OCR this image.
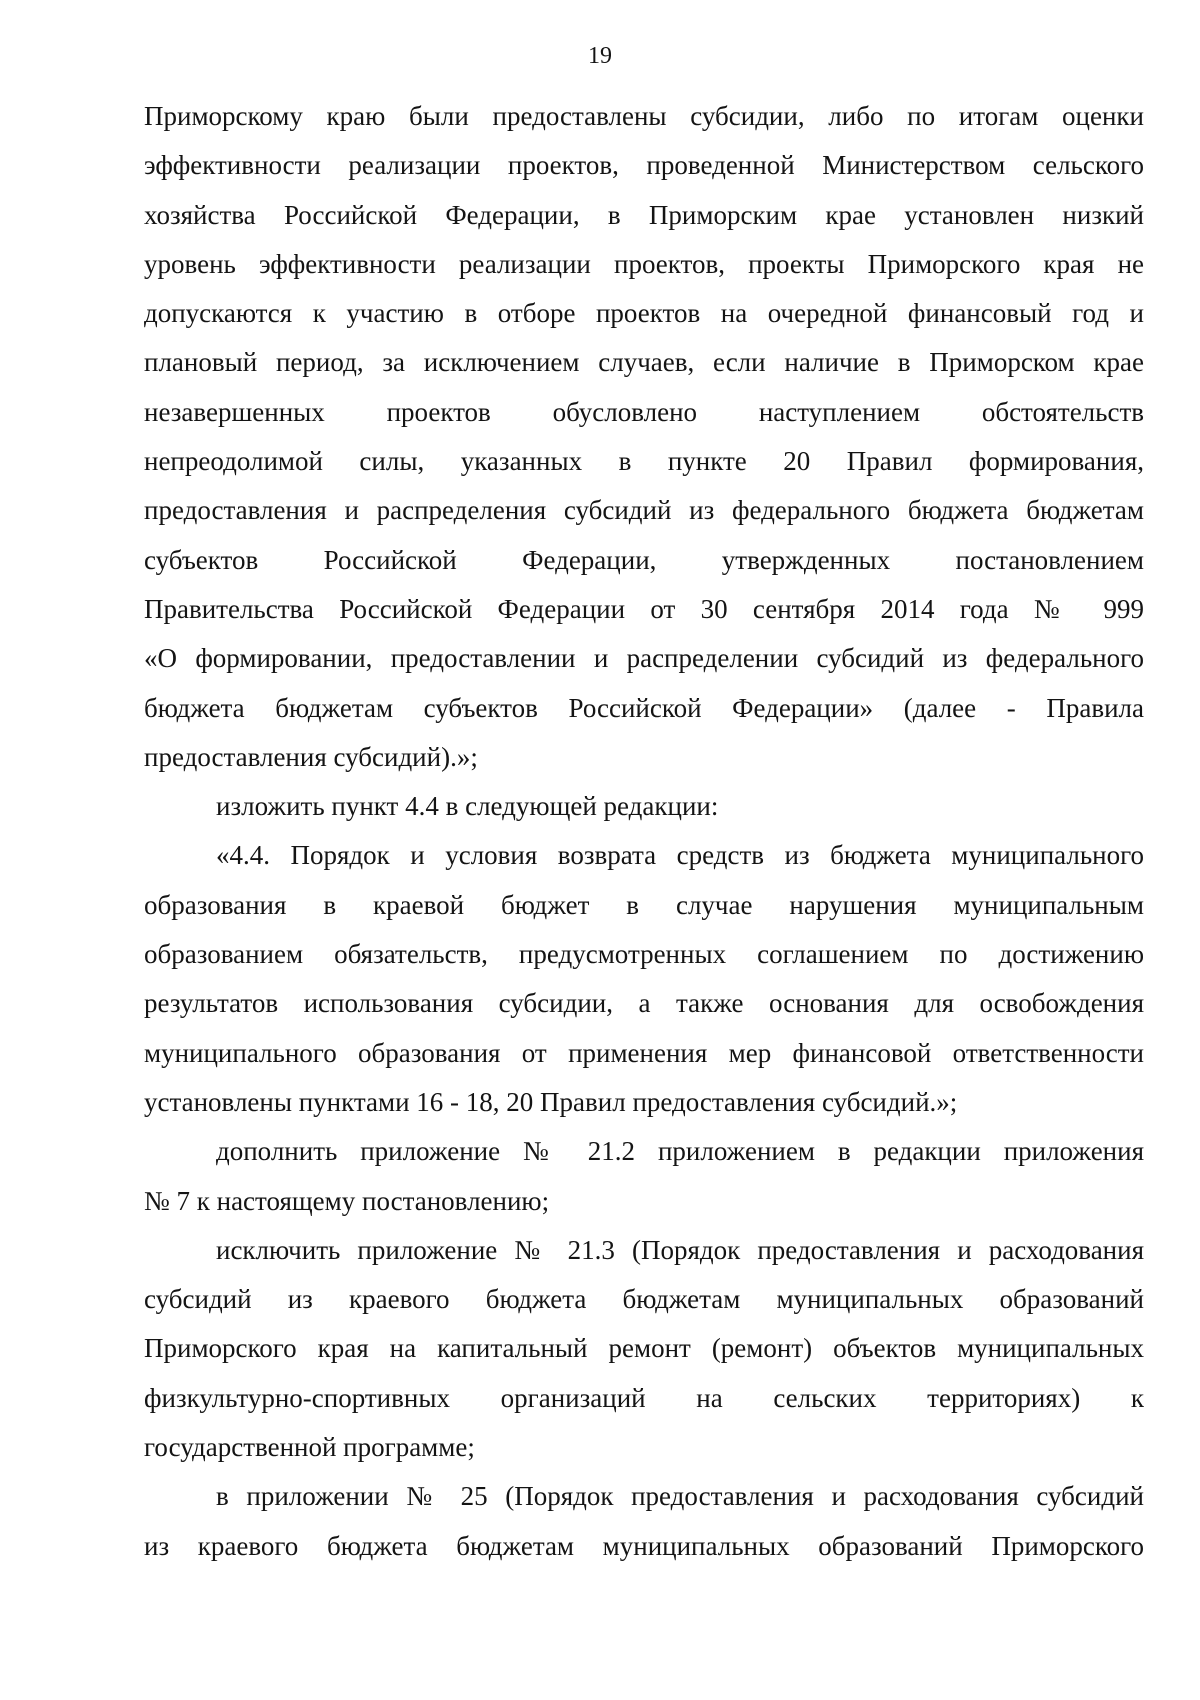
19
Приморскому краю были предоставлены субсидии, либо по итогам оценки
эффективности реализации проектов, проведенной Министерством сельского
хозяйства Российской Федерации, в Приморским крае установлен низкий
уровень эффективности реализации проектов, проекты Приморского края не
допускаются к участию в отборе проектов на очередной финансовый год и
плановый период, за исключением случаев, если наличие в Приморском крае
незавершенных проектов обусловлено наступлением обстоятельств
непреодолимой силы, указанных в пункте 20 Правил формирования,
предоставления и распределения субсидий из федерального бюджета бюджетам
субъектов Российской Федерации, утвержденных постановлением
Правительства Российской Федерации от 30 сентября 2014 года № 999
«О формировании, предоставлении и распределении субсидий из федерального
бюджета бюджетам субъектов Российской Федерации» (далее - Правила
предоставления субсидий).»;
изложить пункт 4.4 в следующей редакции:
«4.4. Порядок и условия возврата средств из бюджета муниципального
образования в краевой бюджет в случае нарушения муниципальным
образованием обязательств, предусмотренных соглашением по достижению
результатов использования субсидии, а также основания для освобождения
муниципального образования от применения мер финансовой ответственности
установлены пунктами 16 - 18, 20 Правил предоставления субсидий.»;
дополнить приложение № 21.2 приложением в редакции приложения
№ 7 к настоящему постановлению;
исключить приложение № 21.3 (Порядок предоставления и расходования
субсидий из краевого бюджета бюджетам муниципальных образований
Приморского края на капитальный ремонт (ремонт) объектов муниципальных
физкультурно-спортивных организаций на сельских территориях) к
государственной программе;
в приложении № 25 (Порядок предоставления и расходования субсидий
из краевого бюджета бюджетам муниципальных образований Приморского
